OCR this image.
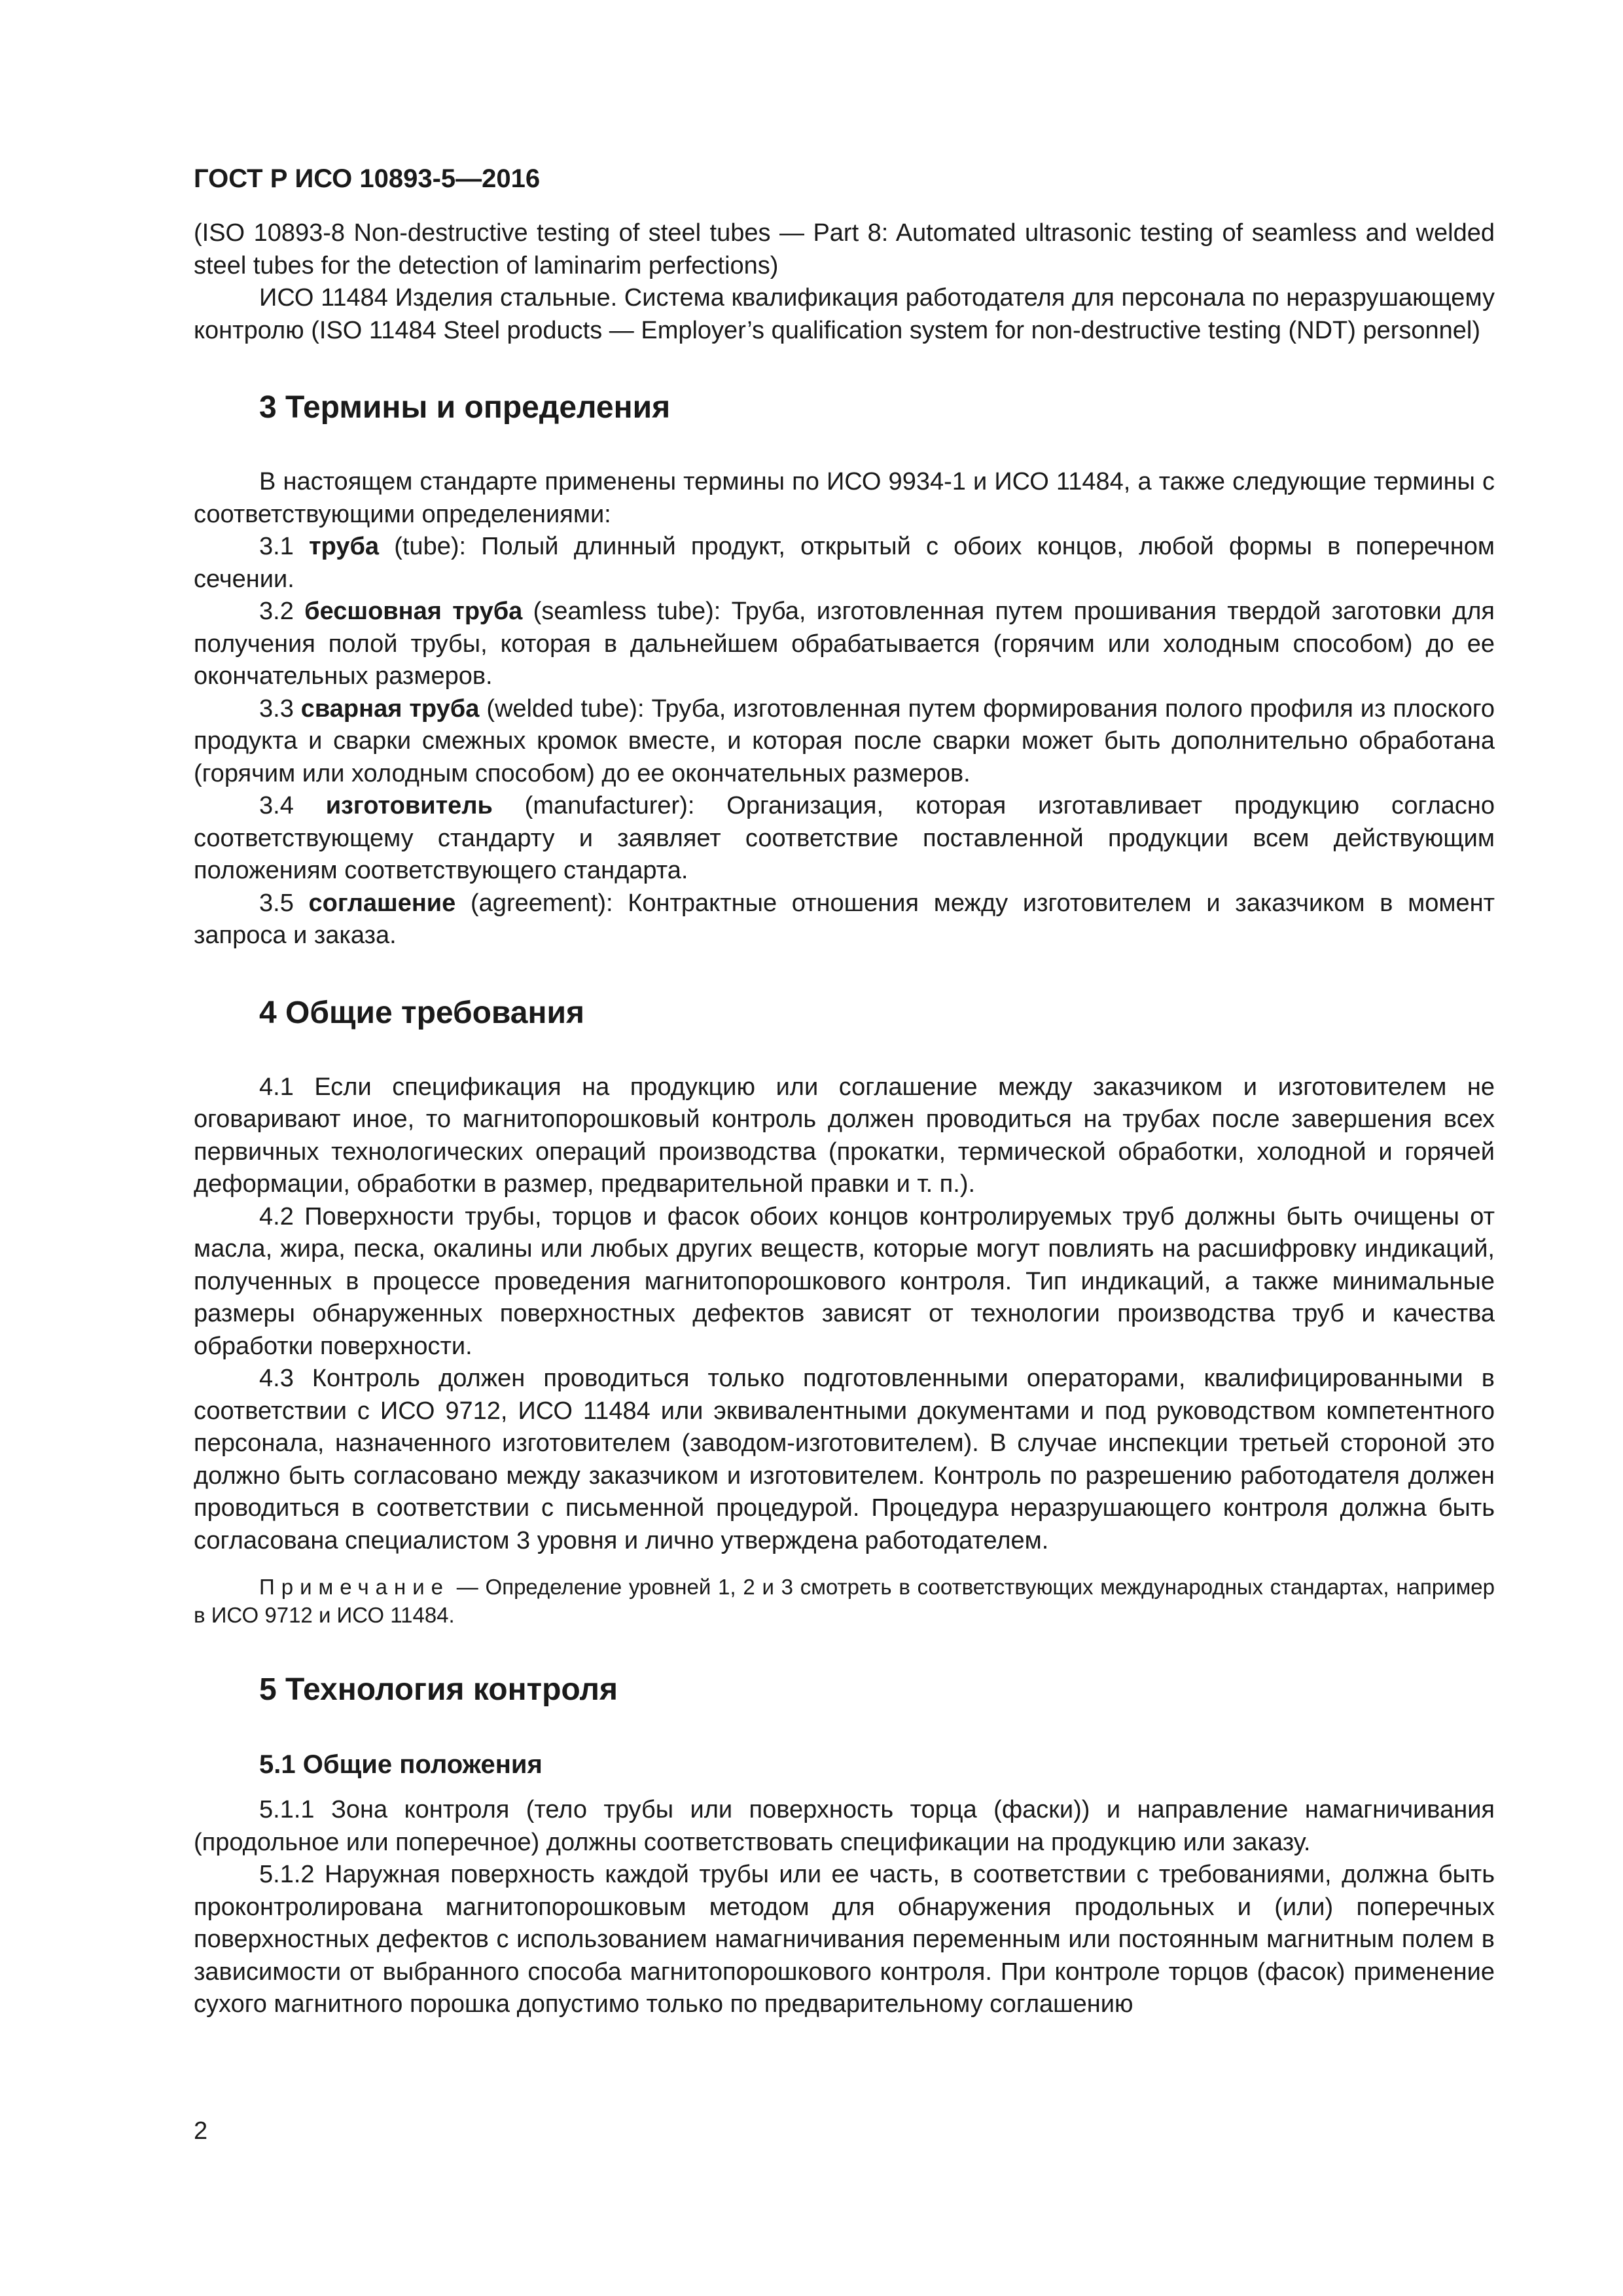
ГОСТ Р ИСО 10893-5—2016

(ISO 10893-8 Non-destructive testing of steel tubes — Part 8: Automated ultrasonic testing of seamless and welded steel tubes for the detection of laminarim perfections)

ИСО 11484 Изделия стальные. Система квалификация работодателя для персонала по неразрушающему контролю (ISO 11484 Steel products — Employer’s qualification system for non-destructive testing (NDT) personnel)

3 Термины и определения

В настоящем стандарте применены термины по ИСО 9934-1 и ИСО 11484, а также следующие термины с соответствующими определениями:

3.1 труба (tube): Полый длинный продукт, открытый с обоих концов, любой формы в поперечном сечении.

3.2 бесшовная труба (seamless tube): Труба, изготовленная путем прошивания твердой заготовки для получения полой трубы, которая в дальнейшем обрабатывается (горячим или холодным способом) до ее окончательных размеров.

3.3 сварная труба (welded tube): Труба, изготовленная путем формирования полого профиля из плоского продукта и сварки смежных кромок вместе, и которая после сварки может быть дополнительно обработана (горячим или холодным способом) до ее окончательных размеров.

3.4 изготовитель (manufacturer): Организация, которая изготавливает продукцию согласно соответствующему стандарту и заявляет соответствие поставленной продукции всем действующим положениям соответствующего стандарта.

3.5 соглашение (agreement): Контрактные отношения между изготовителем и заказчиком в момент запроса и заказа.

4 Общие требования

4.1 Если спецификация на продукцию или соглашение между заказчиком и изготовителем не оговаривают иное, то магнитопорошковый контроль должен проводиться на трубах после завершения всех первичных технологических операций производства (прокатки, термической обработки, холодной и горячей деформации, обработки в размер, предварительной правки и т. п.).

4.2 Поверхности трубы, торцов и фасок обоих концов контролируемых труб должны быть очищены от масла, жира, песка, окалины или любых других веществ, которые могут повлиять на расшифровку индикаций, полученных в процессе проведения магнитопорошкового контроля. Тип индикаций, а также минимальные размеры обнаруженных поверхностных дефектов зависят от технологии производства труб и качества обработки поверхности.

4.3 Контроль должен проводиться только подготовленными операторами, квалифицированными в соответствии с ИСО 9712, ИСО 11484 или эквивалентными документами и под руководством компетентного персонала, назначенного изготовителем (заводом-изготовителем). В случае инспекции третьей стороной это должно быть согласовано между заказчиком и изготовителем. Контроль по разрешению работодателя должен проводиться в соответствии с письменной процедурой. Процедура неразрушающего контроля должна быть согласована специалистом 3 уровня и лично утверждена работодателем.

Примечание — Определение уровней 1, 2 и 3 смотреть в соответствующих международных стандартах, например в ИСО 9712 и ИСО 11484.

5 Технология контроля
5.1 Общие положения

5.1.1 Зона контроля (тело трубы или поверхность торца (фаски)) и направление намагничивания (продольное или поперечное) должны соответствовать спецификации на продукцию или заказу.

5.1.2 Наружная поверхность каждой трубы или ее часть, в соответствии с требованиями, должна быть проконтролирована магнитопорошковым методом для обнаружения продольных и (или) поперечных поверхностных дефектов с использованием намагничивания переменным или постоянным магнитным полем в зависимости от выбранного способа магнитопорошкового контроля. При контроле торцов (фасок) применение сухого магнитного порошка допустимо только по предварительному соглашению

2
